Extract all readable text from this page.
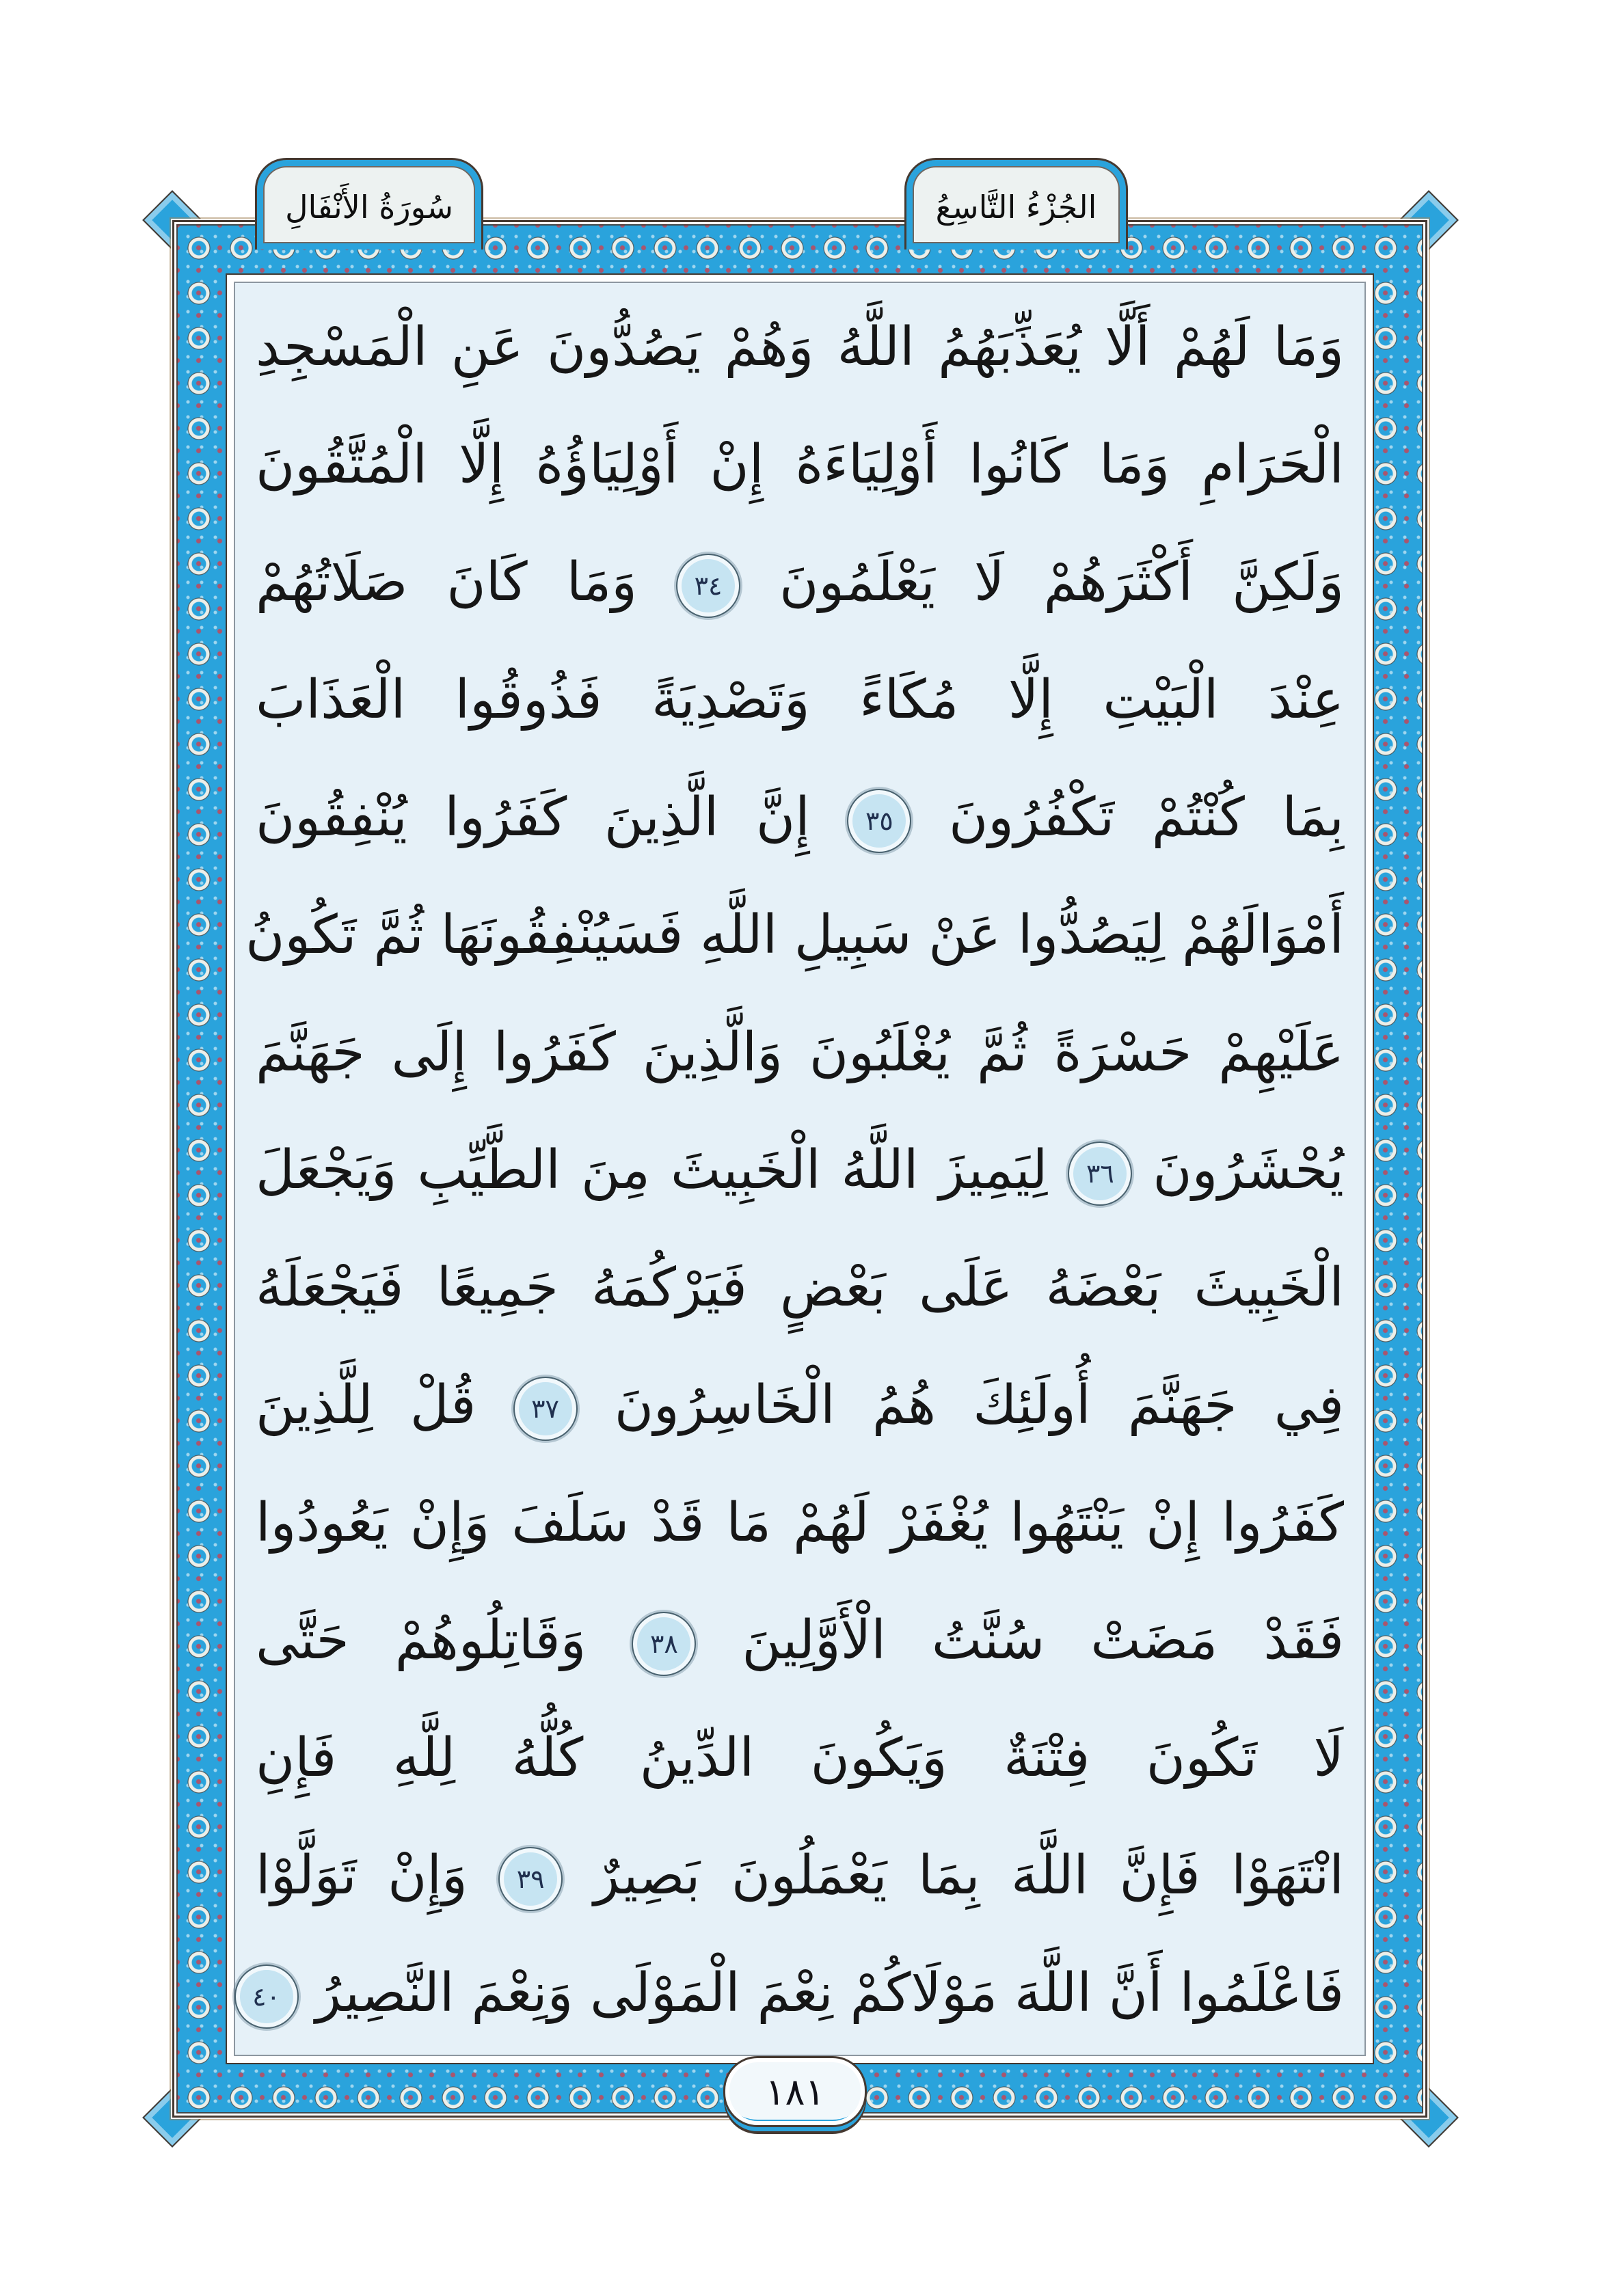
وَمَا لَهُمْ أَلَّا يُعَذِّبَهُمُ اللَّهُ وَهُمْ يَصُدُّونَ عَنِ الْمَسْجِدِ
الْحَرَامِ وَمَا كَانُوا أَوْلِيَاءَهُ إِنْ أَوْلِيَاؤُهُ إِلَّا الْمُتَّقُونَ
وَلَكِنَّ أَكْثَرَهُمْ لَا يَعْلَمُونَ ٣٤ وَمَا كَانَ صَلَاتُهُمْ
عِنْدَ الْبَيْتِ إِلَّا مُكَاءً وَتَصْدِيَةً فَذُوقُوا الْعَذَابَ
بِمَا كُنْتُمْ تَكْفُرُونَ ٣٥ إِنَّ الَّذِينَ كَفَرُوا يُنْفِقُونَ
أَمْوَالَهُمْ لِيَصُدُّوا عَنْ سَبِيلِ اللَّهِ فَسَيُنْفِقُونَهَا ثُمَّ تَكُونُ
عَلَيْهِمْ حَسْرَةً ثُمَّ يُغْلَبُونَ وَالَّذِينَ كَفَرُوا إِلَى جَهَنَّمَ
يُحْشَرُونَ ٣٦ لِيَمِيزَ اللَّهُ الْخَبِيثَ مِنَ الطَّيِّبِ وَيَجْعَلَ
الْخَبِيثَ بَعْضَهُ عَلَى بَعْضٍ فَيَرْكُمَهُ جَمِيعًا فَيَجْعَلَهُ
فِي جَهَنَّمَ أُولَئِكَ هُمُ الْخَاسِرُونَ ٣٧ قُلْ لِلَّذِينَ
كَفَرُوا إِنْ يَنْتَهُوا يُغْفَرْ لَهُمْ مَا قَدْ سَلَفَ وَإِنْ يَعُودُوا
فَقَدْ مَضَتْ سُنَّتُ الْأَوَّلِينَ ٣٨ وَقَاتِلُوهُمْ حَتَّى
لَا تَكُونَ فِتْنَةٌ وَيَكُونَ الدِّينُ كُلُّهُ لِلَّهِ فَإِنِ
انْتَهَوْا فَإِنَّ اللَّهَ بِمَا يَعْمَلُونَ بَصِيرٌ ٣٩ وَإِنْ تَوَلَّوْا
فَاعْلَمُوا أَنَّ اللَّهَ مَوْلَاكُمْ نِعْمَ الْمَوْلَى وَنِعْمَ النَّصِيرُ ٤٠
سُورَةُ الأَنْفَالِ	الجُزْءُ التَّاسِعُ
١٨١
